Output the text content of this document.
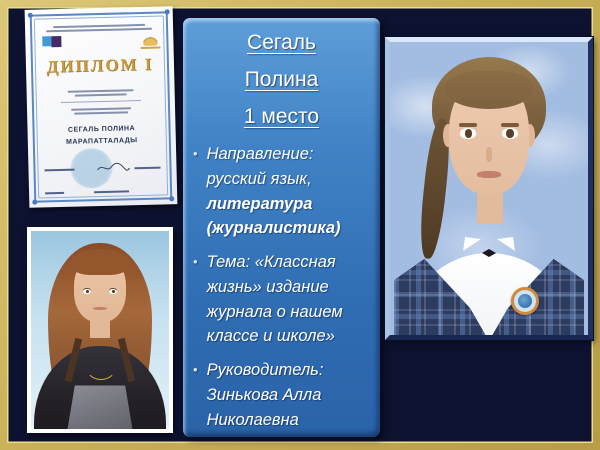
ДИПЛОМ I
СЕГАЛЬ ПОЛИНА
МАРАПАТТАЛАДЫ
Сегаль
Полина
1 место
• Направление: русский язык, литература (журналистика)
• Тема: «Классная жизнь» издание журнала о нашем классе и школе»
• Руководитель: Зинькова Алла Николаевна
